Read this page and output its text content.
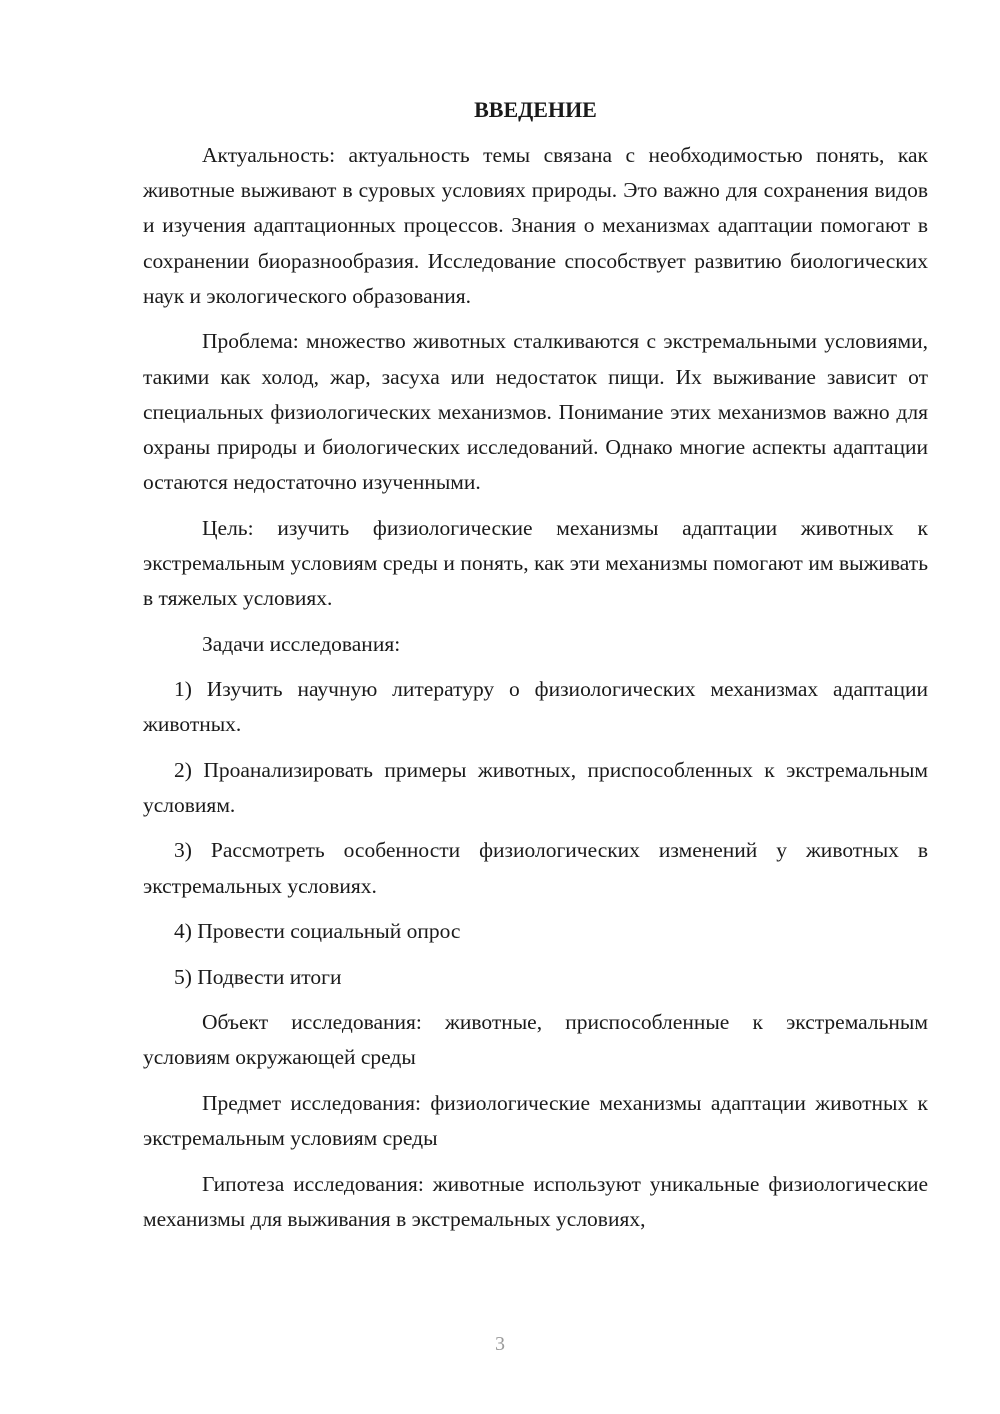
ВВЕДЕНИЕ

Актуальность: актуальность темы связана с необходимостью понять, как животные выживают в суровых условиях природы. Это важно для сохранения видов и изучения адаптационных процессов. Знания о механизмах адаптации помогают в сохранении биоразнообразия. Исследование способствует развитию биологических наук и экологического образования.

Проблема: множество животных сталкиваются с экстремальными условиями, такими как холод, жар, засуха или недостаток пищи. Их выживание зависит от специальных физиологических механизмов. Понимание этих механизмов важно для охраны природы и биологических исследований. Однако многие аспекты адаптации остаются недостаточно изученными.

Цель: изучить физиологические механизмы адаптации животных к экстремальным условиям среды и понять, как эти механизмы помогают им выживать в тяжелых условиях.

Задачи исследования:

1) Изучить научную литературу о физиологических механизмах адаптации животных.

2) Проанализировать примеры животных, приспособленных к экстремальным условиям.

3) Рассмотреть особенности физиологических изменений у животных в экстремальных условиях.

4) Провести социальный опрос

5) Подвести итоги

Объект исследования: животные, приспособленные к экстремальным условиям окружающей среды

Предмет исследования: физиологические механизмы адаптации животных к экстремальным условиям среды

Гипотеза исследования: животные используют уникальные физиологические механизмы для выживания в экстремальных условиях,

3
